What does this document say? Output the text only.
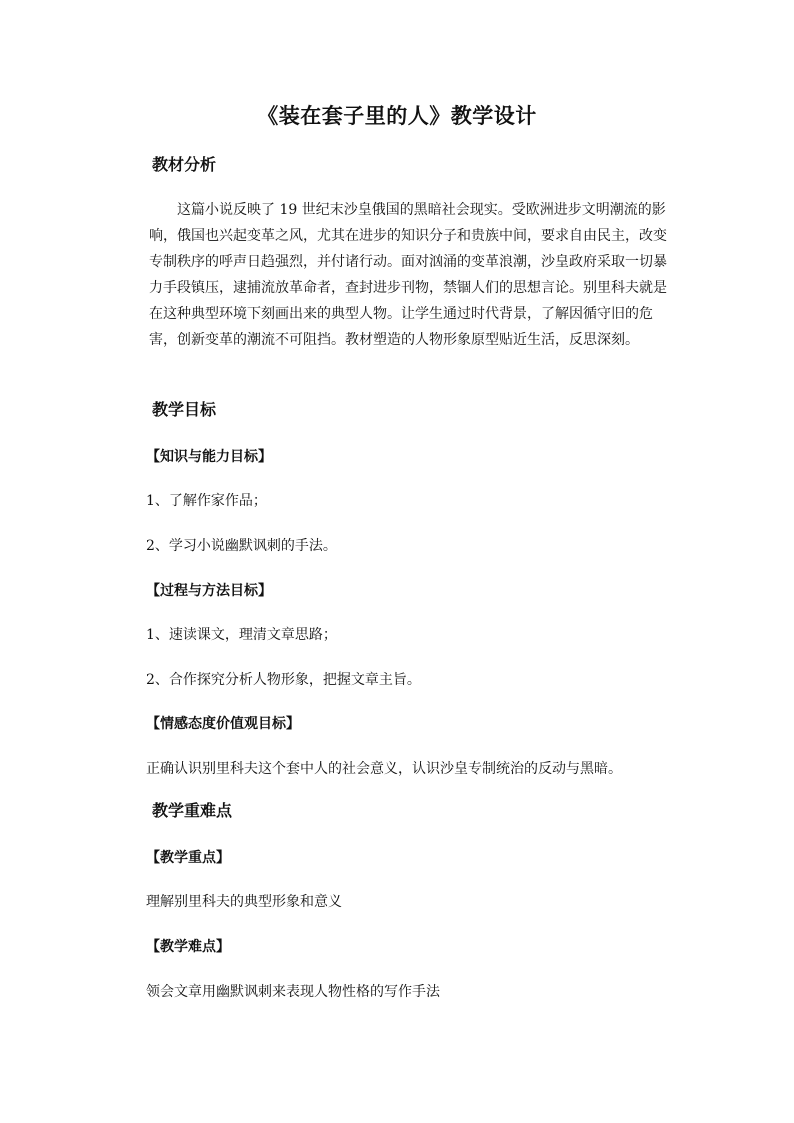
《装在套子里的人》教学设计
教材分析
这篇小说反映了 19 世纪末沙皇俄国的黑暗社会现实。受欧洲进步文明潮流的影响，俄国也兴起变革之风，尤其在进步的知识分子和贵族中间，要求自由民主，改变专制秩序的呼声日趋强烈，并付诸行动。面对汹涌的变革浪潮，沙皇政府采取一切暴力手段镇压，逮捕流放革命者，查封进步刊物，禁锢人们的思想言论。别里科夫就是在这种典型环境下刻画出来的典型人物。让学生通过时代背景，了解因循守旧的危害，创新变革的潮流不可阻挡。教材塑造的人物形象原型贴近生活，反思深刻。
教学目标
【知识与能力目标】
1、了解作家作品；
2、学习小说幽默讽刺的手法。
【过程与方法目标】
1、速读课文，理清文章思路；
2、合作探究分析人物形象，把握文章主旨。
【情感态度价值观目标】
正确认识别里科夫这个套中人的社会意义，认识沙皇专制统治的反动与黑暗。
教学重难点
【教学重点】
理解别里科夫的典型形象和意义
【教学难点】
领会文章用幽默讽刺来表现人物性格的写作手法
